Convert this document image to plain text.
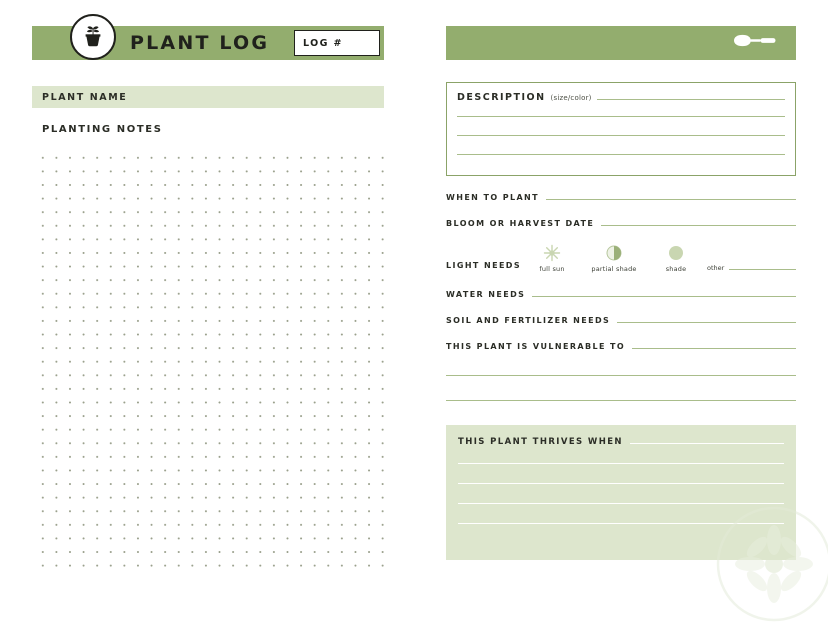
PLANT LOG	LOG #
PLANT NAME
PLANTING NOTES
DESCRIPTION (size/color)
WHEN TO PLANT
BLOOM OR HARVEST DATE
LIGHT NEEDS	full sun	partial shade	shade	other
WATER NEEDS
SOIL AND FERTILIZER NEEDS
THIS PLANT IS VULNERABLE TO
THIS PLANT THRIVES WHEN
